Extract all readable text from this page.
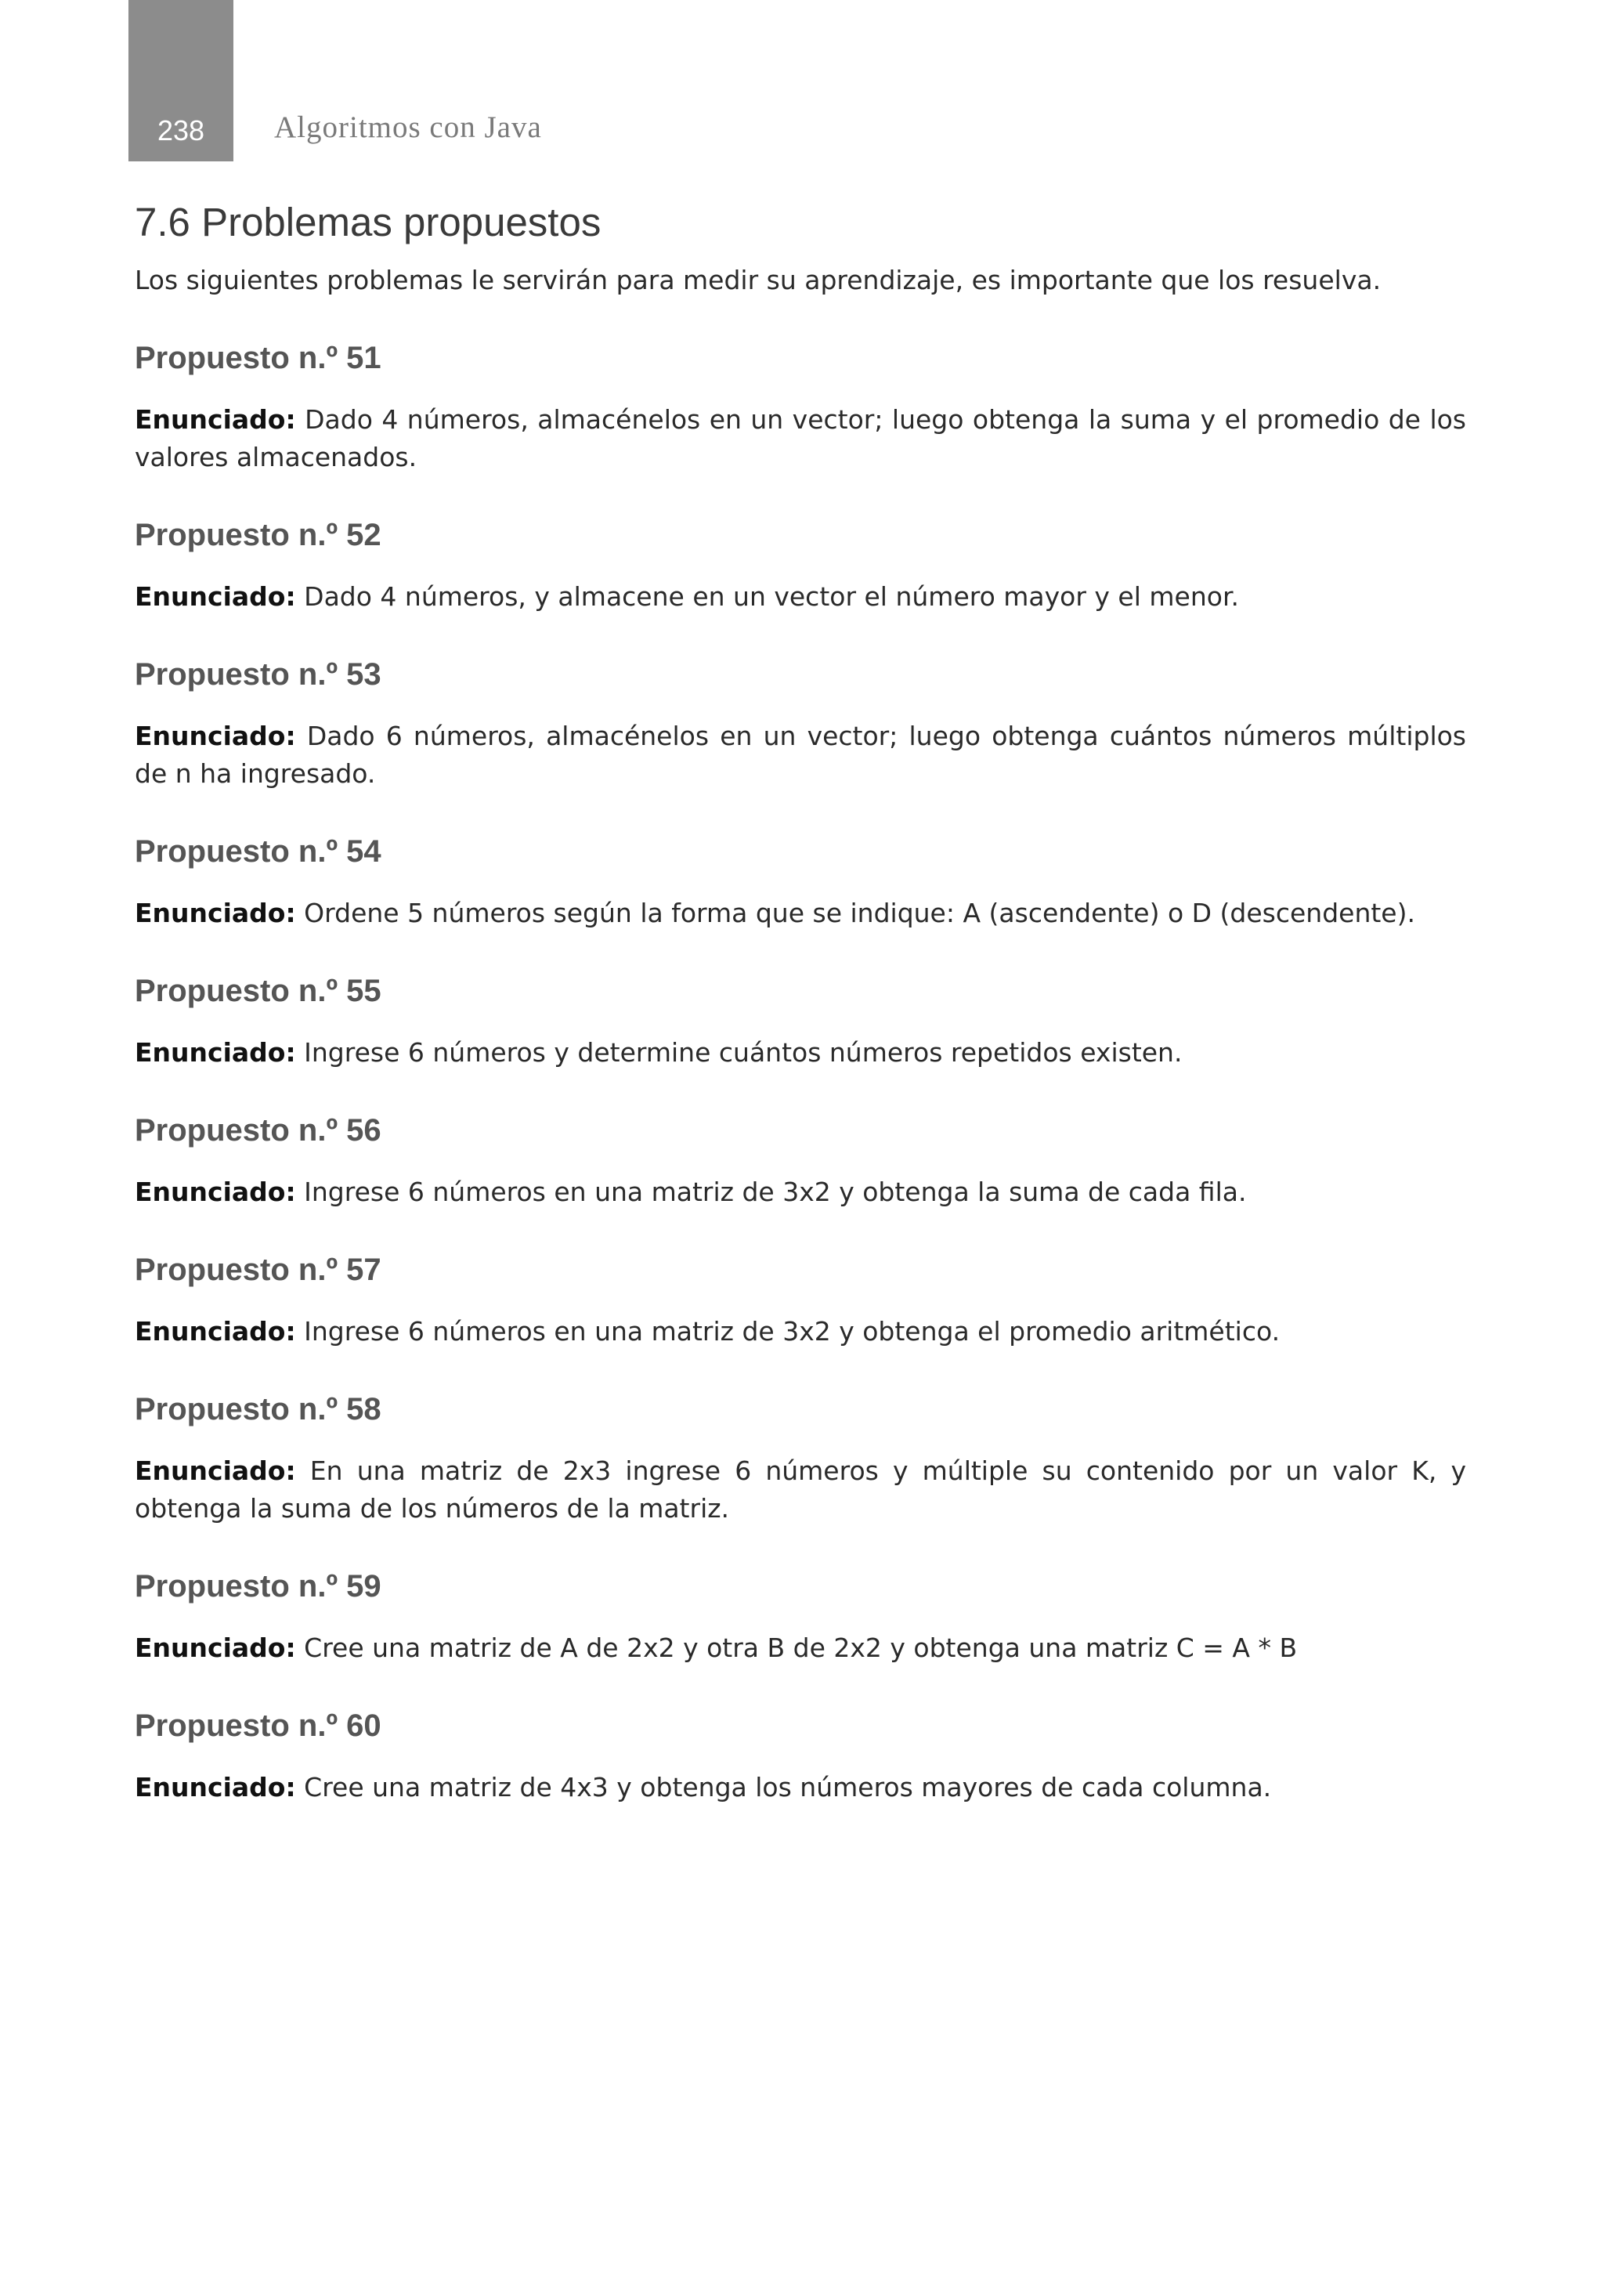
238	Algoritmos con Java
7.6 Problemas propuestos

Los siguientes problemas le servirán para medir su aprendizaje, es importante que los resuelva.

Propuesto n.º 51

Enunciado: Dado 4 números, almacénelos en un vector; luego obtenga la suma y el promedio de los valores almacenados.

Propuesto n.º 52

Enunciado: Dado 4 números, y almacene en un vector el número mayor y el menor.

Propuesto n.º 53

Enunciado: Dado 6 números, almacénelos en un vector; luego obtenga cuántos números múltiplos de n ha ingresado.

Propuesto n.º 54

Enunciado: Ordene 5 números según la forma que se indique: A (ascendente) o D (descendente).

Propuesto n.º 55

Enunciado: Ingrese 6 números y determine cuántos números repetidos existen.

Propuesto n.º 56

Enunciado: Ingrese 6 números en una matriz de 3x2 y obtenga la suma de cada fila.

Propuesto n.º 57

Enunciado: Ingrese 6 números en una matriz de 3x2 y obtenga el promedio aritmético.

Propuesto n.º 58

Enunciado: En una matriz de 2x3 ingrese 6 números y múltiple su contenido por un valor K, y obtenga la suma de los números de la matriz.

Propuesto n.º 59

Enunciado: Cree una matriz de A de 2x2 y otra B de 2x2 y obtenga una matriz C = A * B

Propuesto n.º 60

Enunciado: Cree una matriz de 4x3 y obtenga los números mayores de cada columna.
